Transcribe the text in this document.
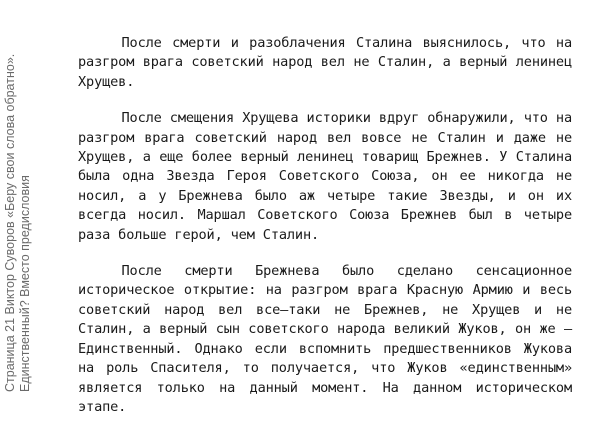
Страница 21 Виктор Суворов «Беру свои слова обратно». Единственный? Вместо предисловия

После смерти и разоблачения Сталина выяснилось, что на разгром врага советский народ вел не Сталин, а верный ленинец Хрущев.

После смещения Хрущева историки вдруг обнаружили, что на разгром врага советский народ вел вовсе не Сталин и даже не Хрущев, а еще более верный ленинец товарищ Брежнев. У Сталина была одна Звезда Героя Советского Союза, он ее никогда не носил, а у Брежнева было аж четыре такие Звезды, и он их всегда носил. Маршал Советского Союза Брежнев был в четыре раза больше герой, чем Сталин.

После смерти Брежнева было сделано сенсационное историческое открытие: на разгром врага Красную Армию и весь советский народ вел все–таки не Брежнев, не Хрущев и не Сталин, а верный сын советского народа великий Жуков, он же – Единственный. Однако если вспомнить предшественников Жукова на роль Спасителя, то получается, что Жуков «единственным» является только на данный момент. На данном историческом этапе.
